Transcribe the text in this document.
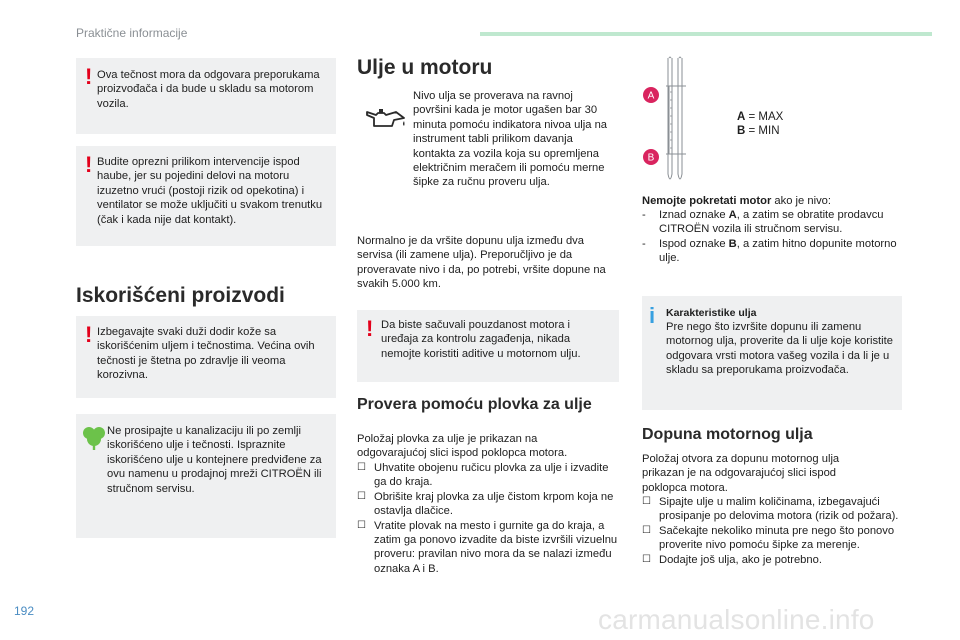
Praktične informacije
192	carmanualsonline.info
! Ova tečnost mora da odgovara preporukama proizvođača i da bude u skladu sa motorom vozila.

! Budite oprezni prilikom intervencije ispod haube, jer su pojedini delovi na motoru izuzetno vrući (postoji rizik od opekotina) i ventilator se može uključiti u svakom trenutku (čak i kada nije dat kontakt).

Iskorišćeni proizvodi
! Izbegavajte svaki duži dodir kože sa iskorišćenim uljem i tečnostima. Većina ovih tečnosti je štetna po zdravlje ili veoma korozivna.

Ne prosipajte u kanalizaciju ili po zemlji iskorišćeno ulje i tečnosti. Ispraznite iskorišćeno ulje u kontejnere predviđene za ovu namenu u prodajnoj mreži CITROËN ili stručnom servisu.

Ulje u motoru

Nivo ulja se proverava na ravnoj površini kada je motor ugašen bar 30 minuta pomoću indikatora nivoa ulja na instrument tabli prilikom davanja kontakta za vozila koja su opremljena električnim meračem ili pomoću merne šipke za ručnu proveru ulja.

Normalno je da vršite dopunu ulja između dva servisa (ili zamene ulja). Preporučljivo je da proveravate nivo i da, po potrebi, vršite dopune na svakih 5.000 km.

! Da biste sačuvali pouzdanost motora i uređaja za kontrolu zagađenja, nikada nemojte koristiti aditive u motornom ulju.

Provera pomoću plovka za ulje

Položaj plovka za ulje je prikazan na odgovarajućoj slici ispod poklopca motora.

☐ Uhvatite obojenu ručicu plovka za ulje i izvadite ga do kraja.
☐ Obrišite kraj plovka za ulje čistom krpom koja ne ostavlja dlačice.
☐ Vratite plovak na mesto i gurnite ga do kraja, a zatim ga ponovo izvadite da biste izvršili vizuelnu proveru: pravilan nivo mora da se nalazi između oznaka A i B.
A
B
A = MAX
B = MIN

Nemojte pokretati motor ako je nivo:

- Iznad oznake A, a zatim se obratite prodavcu CITROËN vozila ili stručnom servisu.
- Ispod oznake B, a zatim hitno dopunite motorno ulje.
i Karakteristike ulja

Pre nego što izvršite dopunu ili zamenu motornog ulja, proverite da li ulje koje koristite odgovara vrsti motora vašeg vozila i da li je u skladu sa preporukama proizvođača.

Dopuna motornog ulja

Položaj otvora za dopunu motornog ulja prikazan je na odgovarajućoj slici ispod poklopca motora.

☐ Sipajte ulje u malim količinama, izbegavajući prosipanje po delovima motora (rizik od požara).
☐ Sačekajte nekoliko minuta pre nego što ponovo proverite nivo pomoću šipke za merenje.
☐ Dodajte još ulja, ako je potrebno.
